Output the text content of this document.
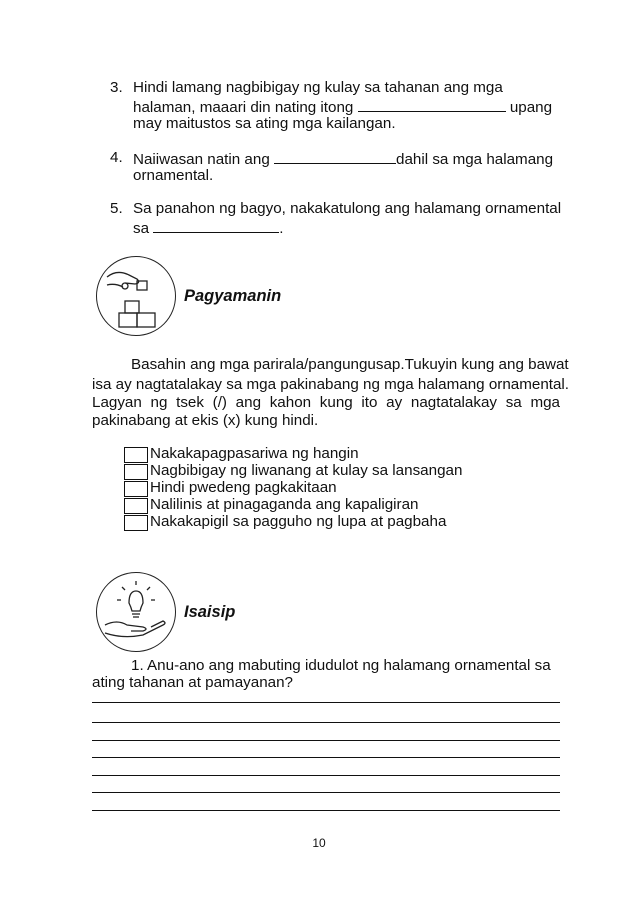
3. Hindi lamang nagbibigay ng kulay sa tahanan ang mga
halaman, maaari din nating itong	upang
may maitustos sa ating mga kailangan.
4. Naiiwasan natin ang	dahil sa mga halamang
ornamental.
5. Sa panahon ng bagyo, nakakatulong ang halamang ornamental
sa	.
Pagyamanin
Basahin ang mga parirala/pangungusap.Tukuyin kung ang bawat
isa ay nagtatalakay sa mga pakinabang ng mga halamang ornamental.
Lagyan ng tsek (/) ang kahon kung ito ay nagtatalakay sa mga
pakinabang at ekis (x) kung hindi.
Nakakapagpasariwa ng hangin
Nagbibigay ng liwanang at kulay sa lansangan
Hindi pwedeng pagkakitaan
Nalilinis at pinagaganda ang kapaligiran
Nakakapigil sa pagguho ng lupa at pagbaha
Isaisip
1. Anu-ano ang mabuting idudulot ng halamang ornamental sa
ating tahanan at pamayanan?
10
